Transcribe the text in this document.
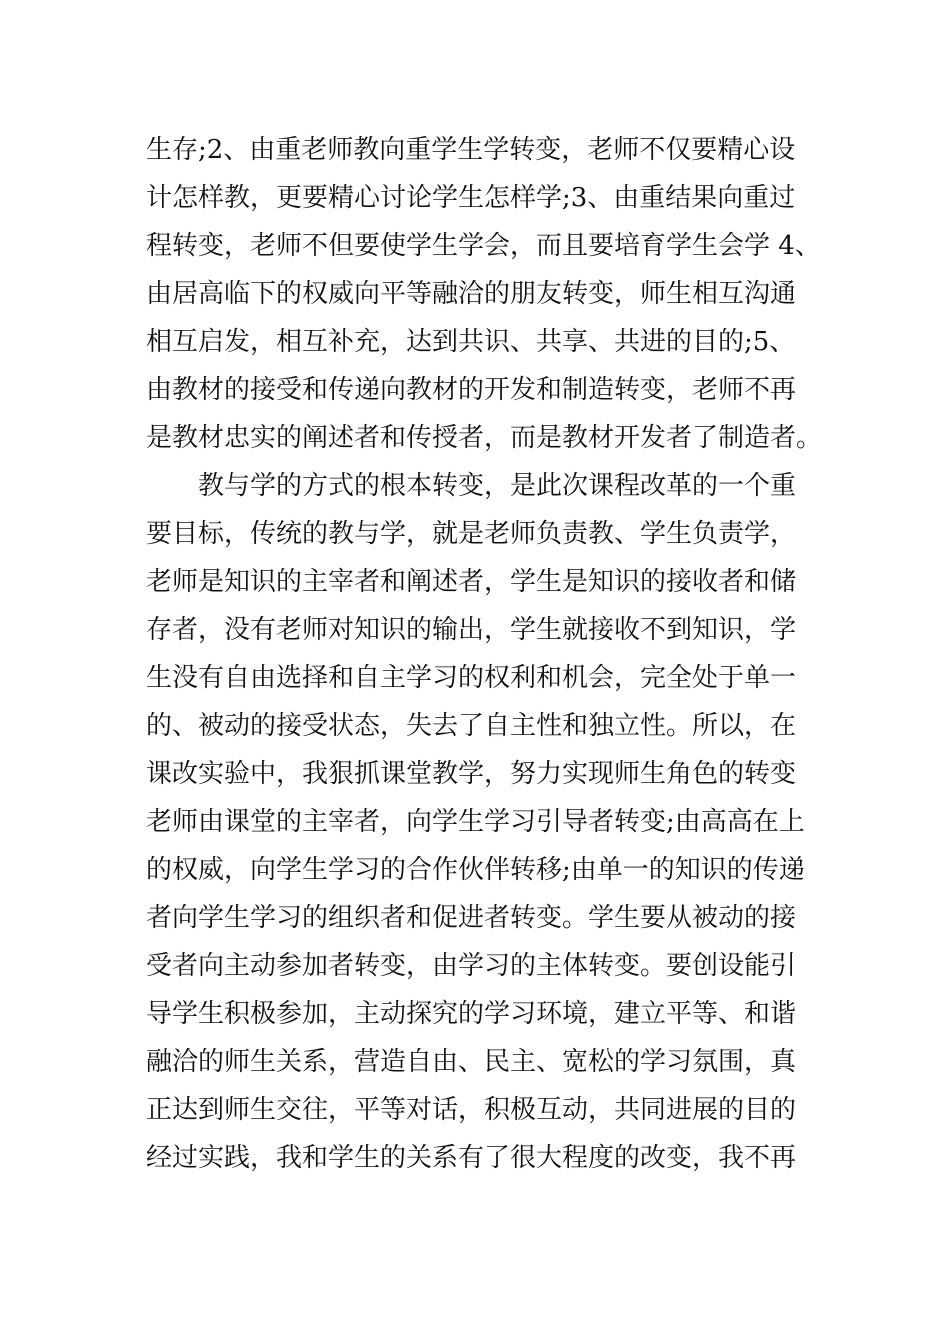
生存;2、由重老师教向重学生学转变，老师不仅要精心设
计怎样教，更要精心讨论学生怎样学;3、由重结果向重过
程转变，老师不但要使学生学会，而且要培育学生会学 4、
由居高临下的权威向平等融洽的朋友转变，师生相互沟通
相互启发，相互补充，达到共识、共享、共进的目的;5、
由教材的接受和传递向教材的开发和制造转变，老师不再
是教材忠实的阐述者和传授者，而是教材开发者了制造者。
教与学的方式的根本转变，是此次课程改革的一个重
要目标，传统的教与学，就是老师负责教、学生负责学，
老师是知识的主宰者和阐述者，学生是知识的接收者和储
存者，没有老师对知识的输出，学生就接收不到知识，学
生没有自由选择和自主学习的权利和机会，完全处于单一
的、被动的接受状态，失去了自主性和独立性。所以，在
课改实验中，我狠抓课堂教学，努力实现师生角色的转变
老师由课堂的主宰者，向学生学习引导者转变;由高高在上
的权威，向学生学习的合作伙伴转移;由单一的知识的传递
者向学生学习的组织者和促进者转变。学生要从被动的接
受者向主动参加者转变，由学习的主体转变。要创设能引
导学生积极参加，主动探究的学习环境，建立平等、和谐
融洽的师生关系，营造自由、民主、宽松的学习氛围，真
正达到师生交往，平等对话，积极互动，共同进展的目的
经过实践，我和学生的关系有了很大程度的改变，我不再
